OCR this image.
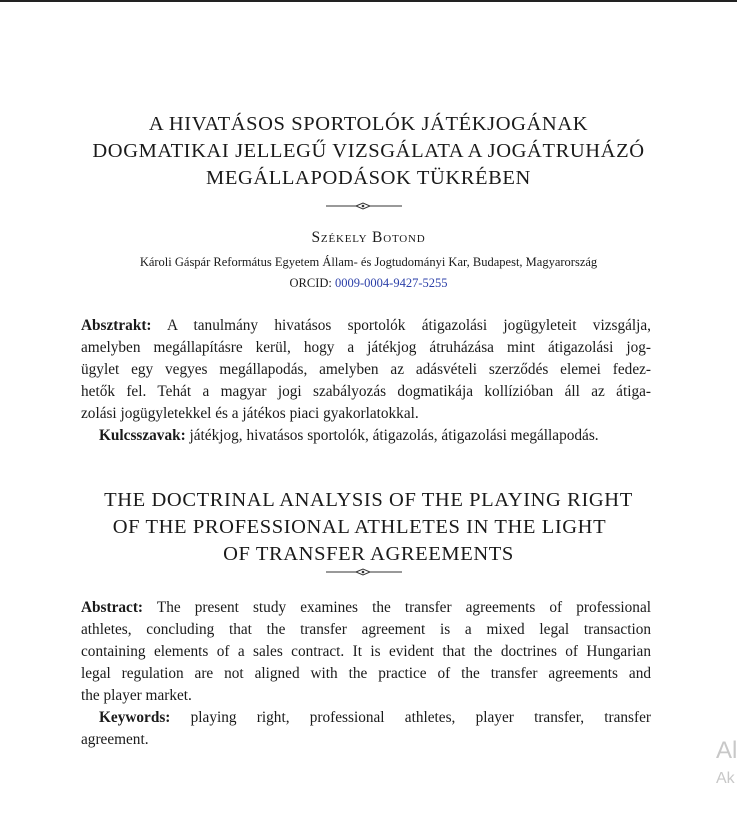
A HIVATÁSOS SPORTOLÓK JÁTÉKJOGÁNAK
DOGMATIKAI JELLEGŰ VIZSGÁLATA A JOGÁTRUHÁZÓ
MEGÁLLAPODÁSOK TÜKRÉBEN
Székely Botond
Károli Gáspár Református Egyetem Állam- és Jogtudományi Kar, Budapest, Magyarország
ORCID: 0009-0004-9427-5255
Absztrakt: A tanulmány hivatásos sportolók átigazolási jogügyleteit vizsgálja,
amelyben megállapításre kerül, hogy a játékjog átruházása mint átigazolási jog-
ügylet egy vegyes megállapodás, amelyben az adásvételi szerződés elemei fedez-
hetők fel. Tehát a magyar jogi szabályozás dogmatikája kollízióban áll az átiga-
zolási jogügyletekkel és a játékos piaci gyakorlatokkal.
Kulcsszavak: játékjog, hivatásos sportolók, átigazolás, átigazolási megállapodás.
THE DOCTRINAL ANALYSIS OF THE PLAYING RIGHT
OF THE PROFESSIONAL ATHLETES IN THE LIGHT
OF TRANSFER AGREEMENTS
Abstract: The present study examines the transfer agreements of professional
athletes, concluding that the transfer agreement is a mixed legal transaction
containing elements of a sales contract. It is evident that the doctrines of Hungarian
legal regulation are not aligned with the practice of the transfer agreements and
the player market.
Keywords: playing right, professional athletes, player transfer, transfer
agreement.	Al
Ak
